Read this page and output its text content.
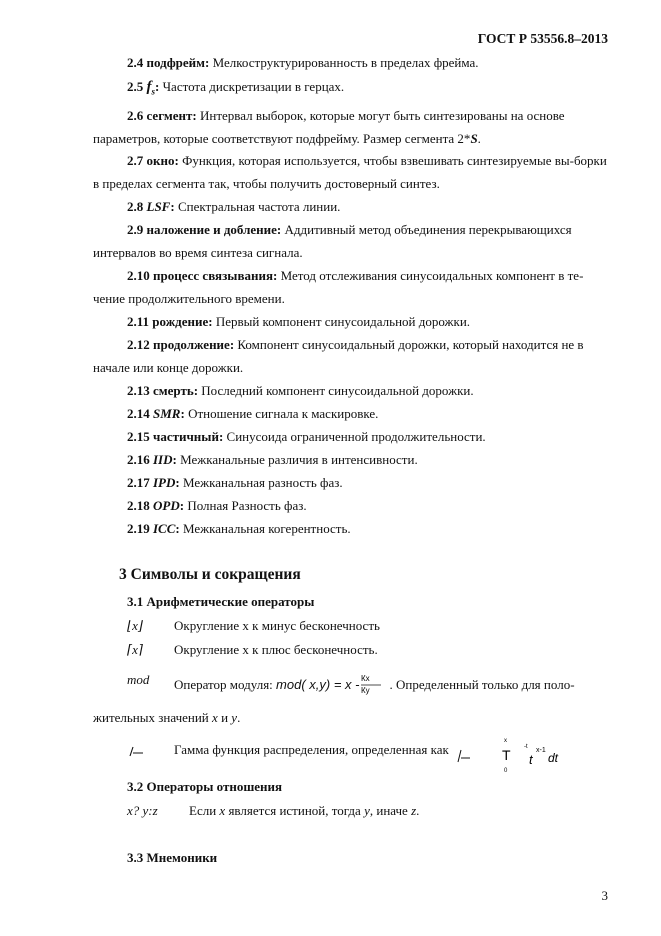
ГОСТ Р 53556.8–2013
2.4 подфрейм: Мелкоструктурированность в пределах фрейма.
2.5 $f_s$: Частота дискретизации в герцах.
2.6 сегмент: Интервал выборок, которые могут быть синтезированы на основе параметров, которые соответствуют подфрейму. Размер сегмента 2*S.
2.7 окно: Функция, которая используется, чтобы взвешивать синтезируемые вы-борки в пределах сегмента так, чтобы получить достоверный синтез.
2.8 LSF: Спектральная частота линии.
2.9 наложение и добление: Аддитивный метод объединения перекрывающихся интервалов во время синтеза сигнала.
2.10 процесс связывания: Метод отслеживания синусоидальных компонент в те-чение продолжительного времени.
2.11 рождение: Первый компонент синусоидальной дорожки.
2.12 продолжение: Компонент синусоидальный дорожки, который находится не в начале или конце дорожки.
2.13 смерть: Последний компонент синусоидальной дорожки.
2.14 SMR: Отношение сигнала к маскировке.
2.15 частичный: Синусоида ограниченной продолжительности.
2.16 IID: Межканальные различия в интенсивности.
2.17 IPD: Межканальная разность фаз.
2.18 OPD: Полная Разность фаз.
2.19 ICC: Межканальная когерентность.
3 Символы и сокращения
3.1 Арифметические операторы
⌊x⌋ Округление x к минус бесконечность
⌈x⌉ Округление x к плюс бесконечность.
mod Оператор модуля: mod( x,y) = x - Кx
Ку . Определенный только для поло-
жительных значений x и y.
Гамма функция распределения, определенная как	T
0
x
-t
t
x-1
dt
3.2 Операторы отношения
x? y:z Если x является истиной, тогда y, иначе z.
3.3 Мнемоники
3
